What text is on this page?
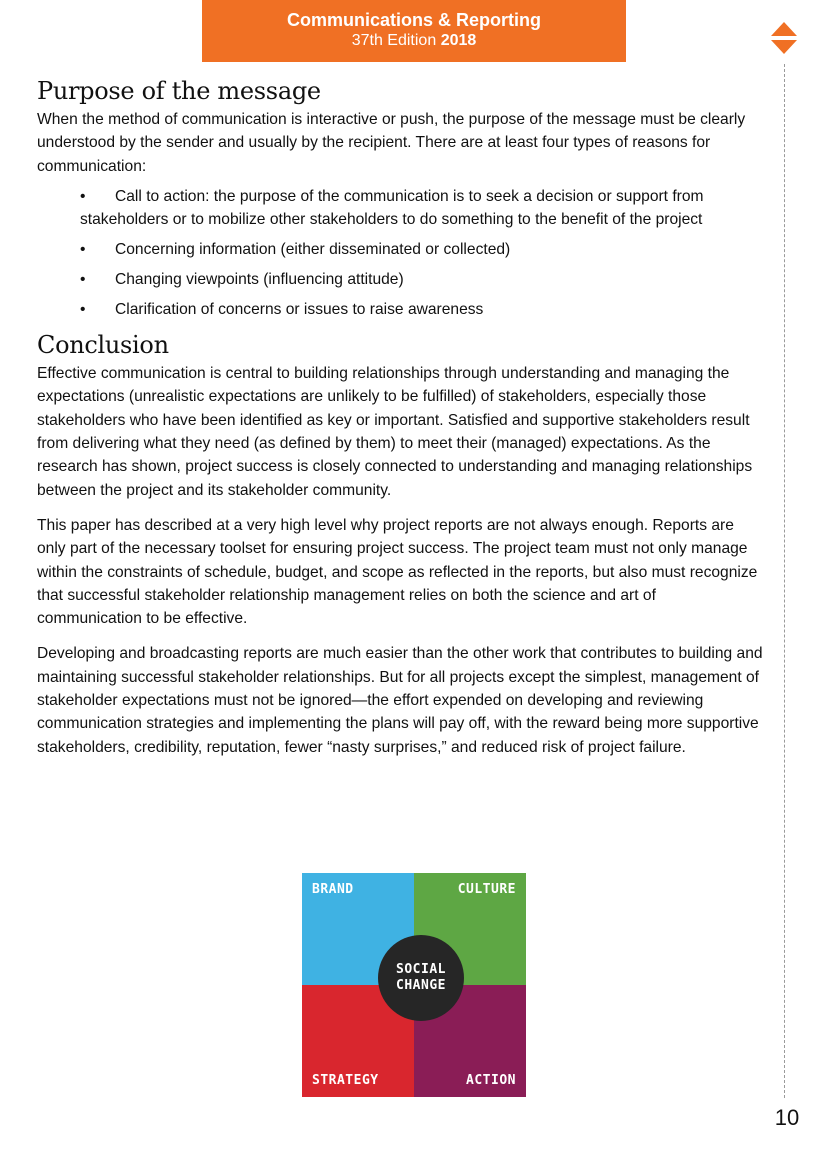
Communications & Reporting
37th Edition 2018
Purpose of the message

When the method of communication is interactive or push, the purpose of the message must be clearly understood by the sender and usually by the recipient. There are at least four types of reasons for communication:

• Call to action: the purpose of the communication is to seek a decision or support from stakeholders or to mobilize other stakeholders to do something to the benefit of the project
• Concerning information (either disseminated or collected)
• Changing viewpoints (influencing attitude)
• Clarification of concerns or issues to raise awareness
Conclusion

Effective communication is central to building relationships through understanding and managing the expectations (unrealistic expectations are unlikely to be fulfilled) of stakeholders, especially those stakeholders who have been identified as key or important. Satisfied and supportive stakeholders result from delivering what they need (as defined by them) to meet their (managed) expectations. As the research has shown, project success is closely connected to understanding and managing relationships between the project and its stakeholder community.

This paper has described at a very high level why project reports are not always enough. Reports are only part of the necessary toolset for ensuring project success. The project team must not only manage within the constraints of schedule, budget, and scope as reflected in the reports, but also must recognize that successful stakeholder relationship management relies on both the science and art of communication to be effective.

Developing and broadcasting reports are much easier than the other work that contributes to building and maintaining successful stakeholder relationships. But for all projects except the simplest, management of stakeholder expectations must not be ignored—the effort expended on developing and reviewing communication strategies and implementing the plans will pay off, with the reward being more supportive stakeholders, credibility, reputation, fewer “nasty surprises,” and reduced risk of project failure.

BRAND	CULTURE
STRATEGY	ACTION
SOCIAL
CHANGE
10
